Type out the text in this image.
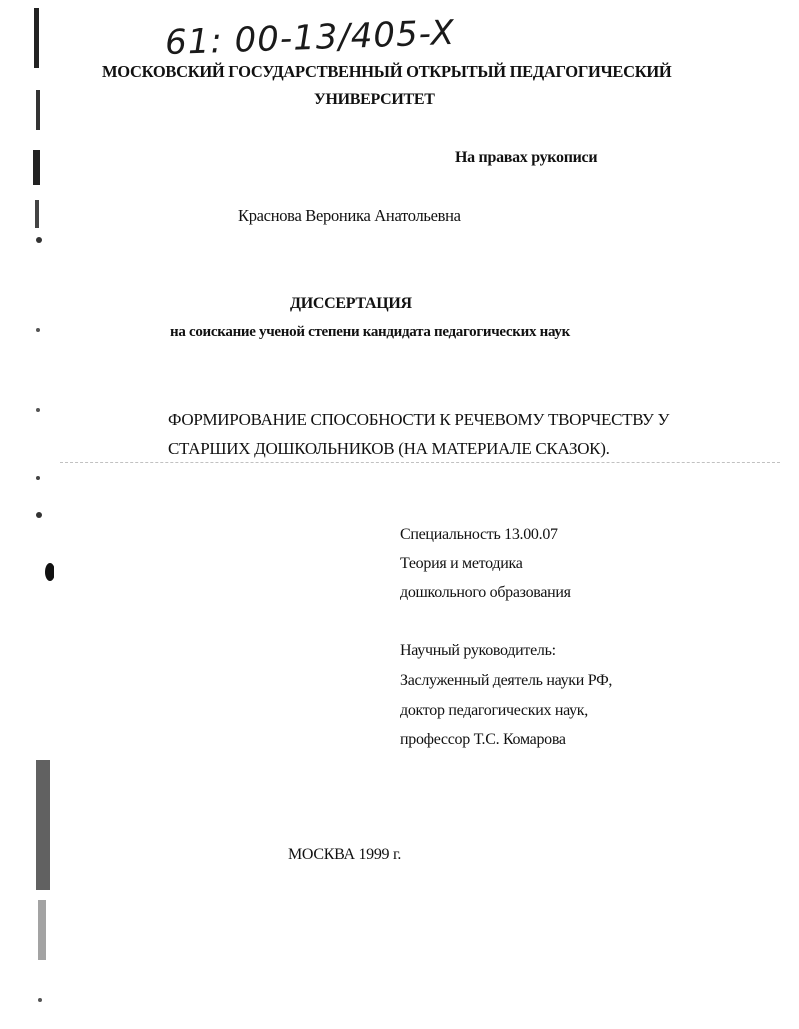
61: 00-13/405-X
МОСКОВСКИЙ ГОСУДАРСТВЕННЫЙ ОТКРЫТЫЙ ПЕДАГОГИЧЕСКИЙ
УНИВЕРСИТЕТ
На правах рукописи
Краснова Вероника Анатольевна
ДИССЕРТАЦИЯ
на соискание ученой степени кандидата педагогических наук
ФОРМИРОВАНИЕ СПОСОБНОСТИ К РЕЧЕВОМУ ТВОРЧЕСТВУ У
СТАРШИХ ДОШКОЛЬНИКОВ (НА МАТЕРИАЛЕ СКАЗОК).
Специальность 13.00.07
Теория и методика
дошкольного образования
Научный руководитель:
Заслуженный деятель науки РФ,
доктор педагогических наук,
профессор Т.С. Комарова
МОСКВА 1999 г.
